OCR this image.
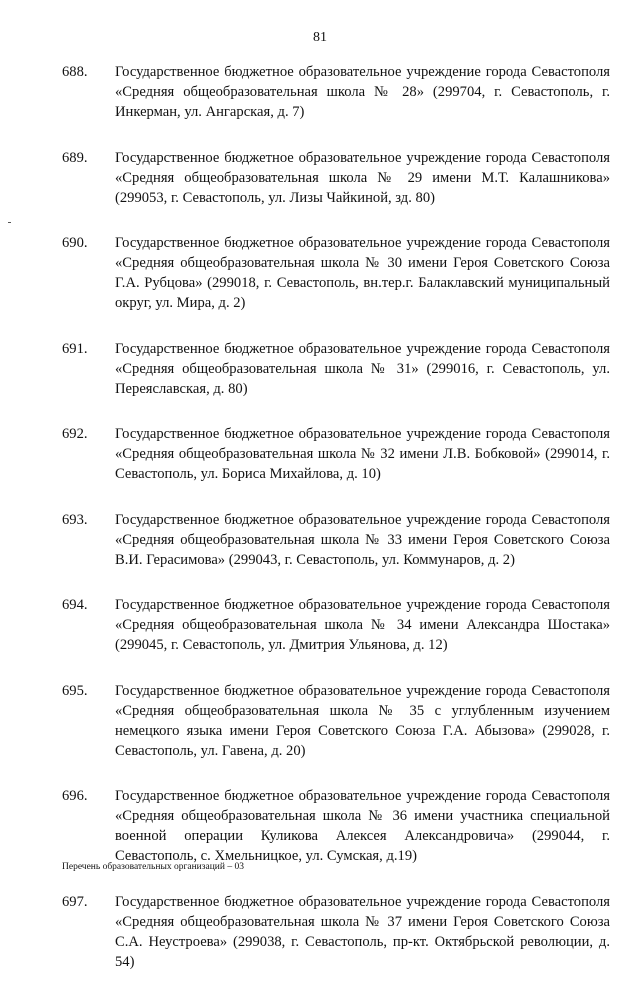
81
688. Государственное бюджетное образовательное учреждение города Севастополя «Средняя общеобразовательная школа № 28» (299704, г. Севастополь, г. Инкерман, ул. Ангарская, д. 7)
689. Государственное бюджетное образовательное учреждение города Севастополя «Средняя общеобразовательная школа № 29 имени М.Т. Калашникова» (299053, г. Севастополь, ул. Лизы Чайкиной, зд. 80)
690. Государственное бюджетное образовательное учреждение города Севастополя «Средняя общеобразовательная школа № 30 имени Героя Советского Союза Г.А. Рубцова» (299018, г. Севастополь, вн.тер.г. Балаклавский муниципальный округ, ул. Мира, д. 2)
691. Государственное бюджетное образовательное учреждение города Севастополя «Средняя общеобразовательная школа № 31» (299016, г. Севастополь, ул. Переяславская, д. 80)
692. Государственное бюджетное образовательное учреждение города Севастополя «Средняя общеобразовательная школа № 32 имени Л.В. Бобковой» (299014, г. Севастополь, ул. Бориса Михайлова, д. 10)
693. Государственное бюджетное образовательное учреждение города Севастополя «Средняя общеобразовательная школа № 33 имени Героя Советского Союза В.И. Герасимова» (299043, г. Севастополь, ул. Коммунаров, д. 2)
694. Государственное бюджетное образовательное учреждение города Севастополя «Средняя общеобразовательная школа № 34 имени Александра Шостака» (299045, г. Севастополь, ул. Дмитрия Ульянова, д. 12)
695. Государственное бюджетное образовательное учреждение города Севастополя «Средняя общеобразовательная школа № 35 с углубленным изучением немецкого языка имени Героя Советского Союза Г.А. Абызова» (299028, г. Севастополь, ул. Гавена, д. 20)
696. Государственное бюджетное образовательное учреждение города Севастополя «Средняя общеобразовательная школа № 36 имени участника специальной военной операции Куликова Алексея Александровича» (299044, г. Севастополь, с. Хмельницкое, ул. Сумская, д.19)
697. Государственное бюджетное образовательное учреждение города Севастополя «Средняя общеобразовательная школа № 37 имени Героя Советского Союза С.А. Неустроева» (299038, г. Севастополь, пр-кт. Октябрьской революции, д. 54)
Перечень образовательных организаций – 03
